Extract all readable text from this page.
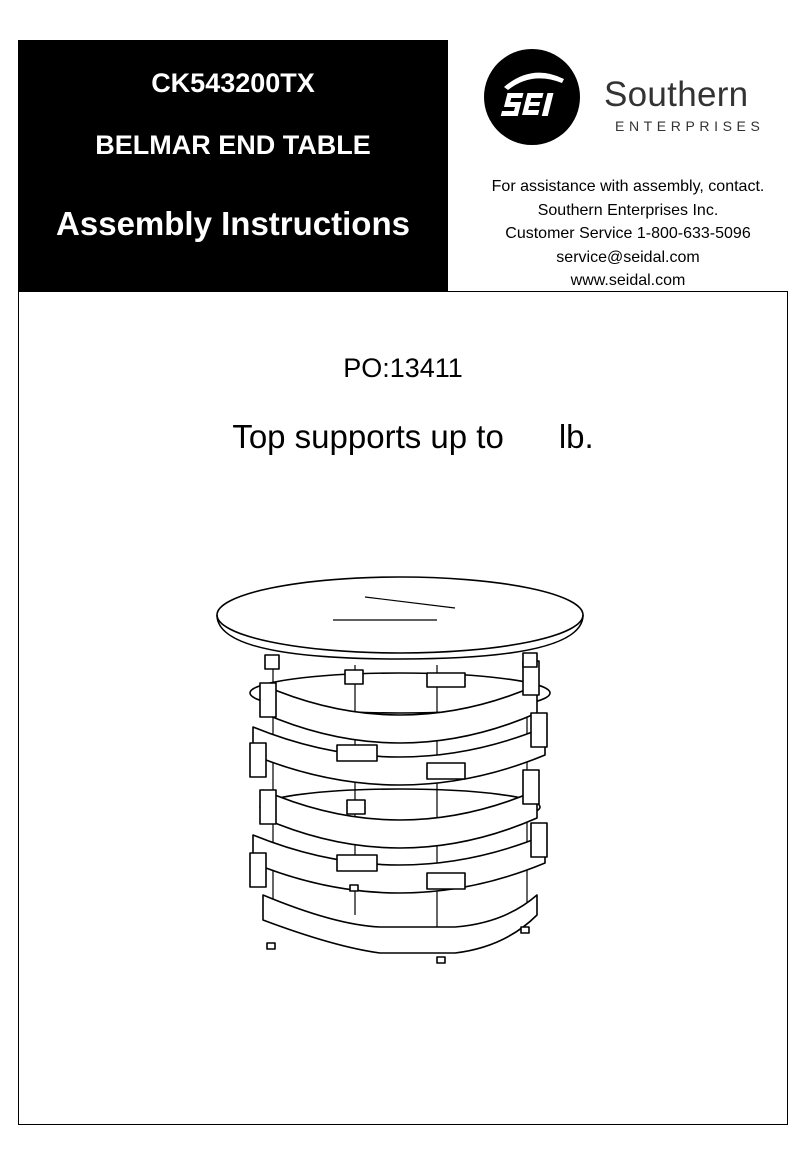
CK543200TX
BELMAR END TABLE
Assembly Instructions
Southern
ENTERPRISES
For assistance with assembly, contact.
Southern Enterprises Inc.
Customer Service 1-800-633-5096
service@seidal.com
www.seidal.com
PO:13411
Top supports up to      lb.
